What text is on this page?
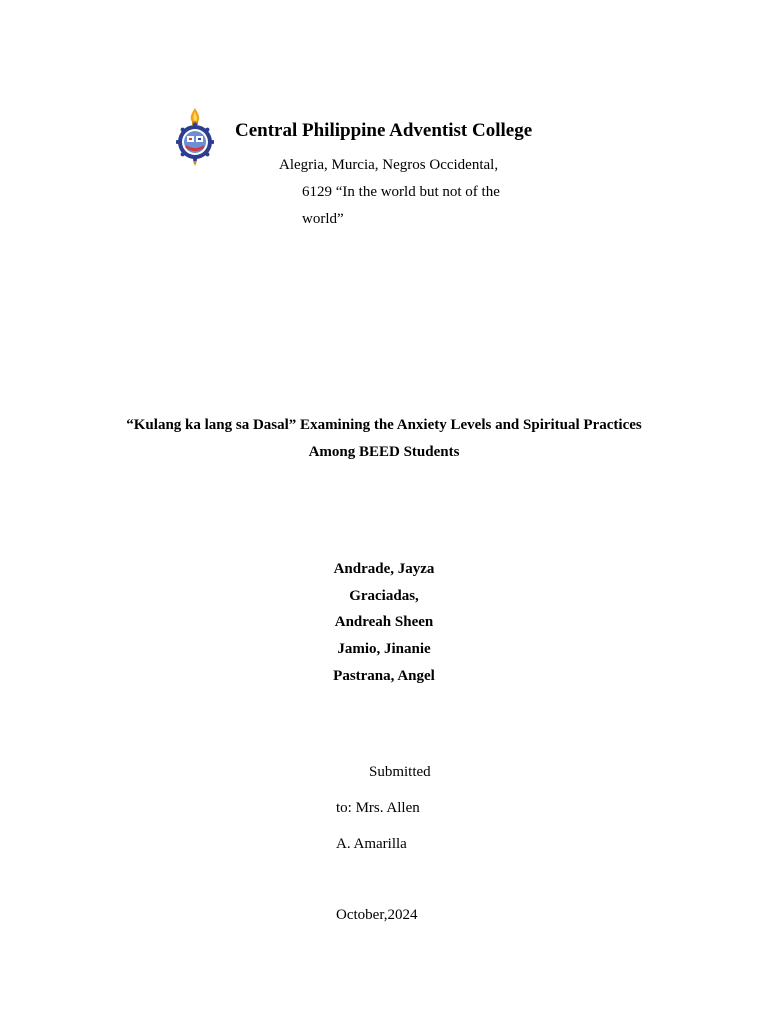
Central Philippine Adventist College
Alegria, Murcia, Negros Occidental,
6129 “In the world but not of the
world”
“Kulang ka lang sa Dasal” Examining the Anxiety Levels and Spiritual Practices
Among BEED Students
Andrade, Jayza
Graciadas,
Andreah Sheen
Jamio, Jinanie
Pastrana, Angel
Submitted
to: Mrs. Allen
A. Amarilla
October,2024
